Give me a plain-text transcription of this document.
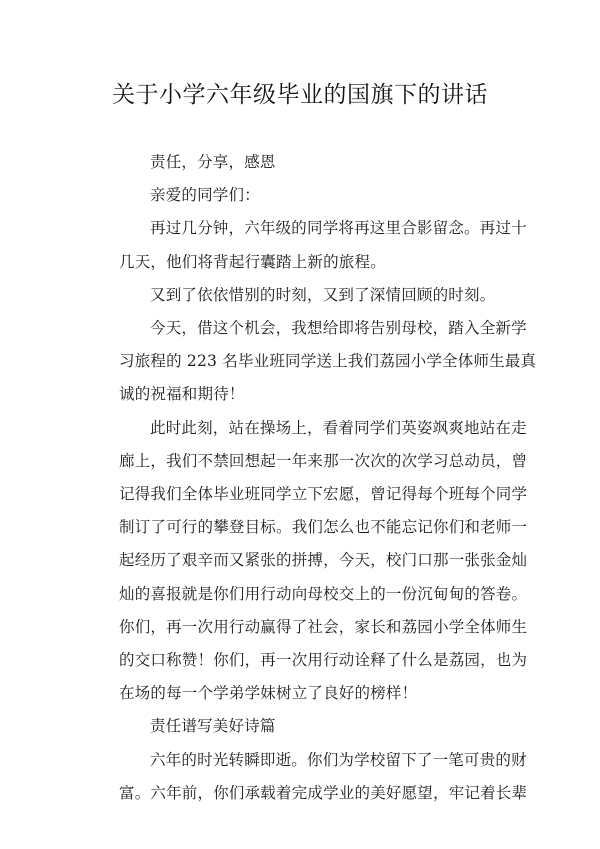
关于小学六年级毕业的国旗下的讲话
责任，分享，感恩
亲爱的同学们：
再过几分钟，六年级的同学将再这里合影留念。再过十
几天，他们将背起行囊踏上新的旅程。
又到了依依惜别的时刻，又到了深情回顾的时刻。
今天，借这个机会，我想给即将告别母校，踏入全新学
习旅程的 223 名毕业班同学送上我们荔园小学全体师生最真
诚的祝福和期待！
此时此刻，站在操场上，看着同学们英姿飒爽地站在走
廊上，我们不禁回想起一年来那一次次的次学习总动员，曾
记得我们全体毕业班同学立下宏愿，曾记得每个班每个同学
制订了可行的攀登目标。我们怎么也不能忘记你们和老师一
起经历了艰辛而又紧张的拼搏，今天，校门口那一张张金灿
灿的喜报就是你们用行动向母校交上的一份沉甸甸的答卷。
你们，再一次用行动赢得了社会，家长和荔园小学全体师生
的交口称赞！你们，再一次用行动诠释了什么是荔园，也为
在场的每一个学弟学妹树立了良好的榜样！
责任谱写美好诗篇
六年的时光转瞬即逝。你们为学校留下了一笔可贵的财
富。六年前，你们承载着完成学业的美好愿望，牢记着长辈
